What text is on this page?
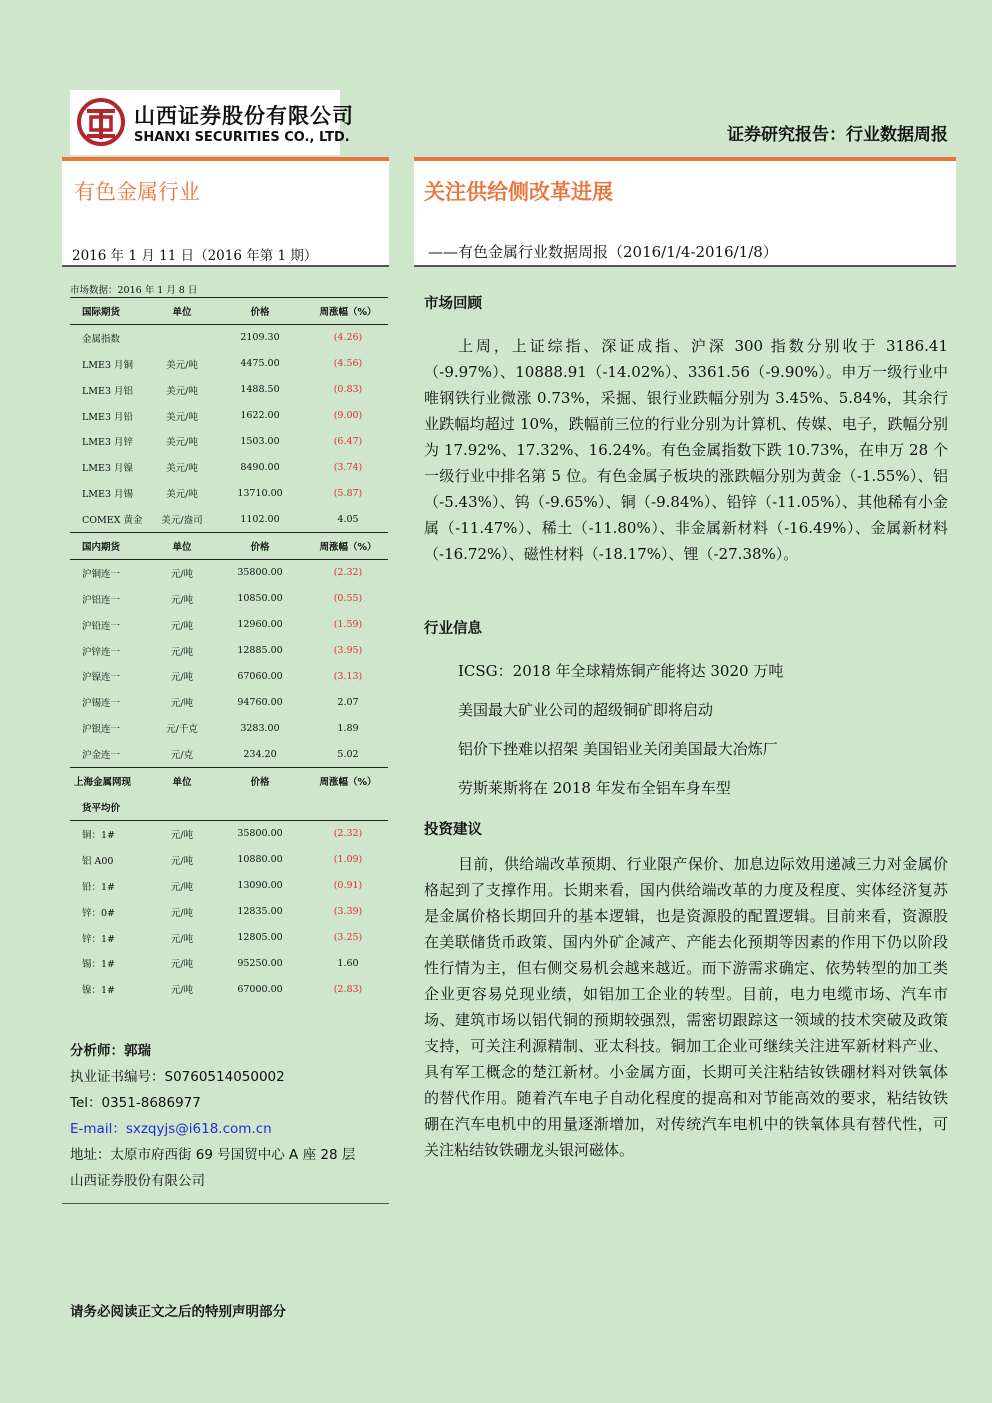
山西证券股份有限公司
SHANXI SECURITIES CO., LTD.	证券研究报告：行业数据周报
有色金属行业
2016 年 1 月 11 日（2016 年第 1 期）
关注供给侧改革进展
——有色金属行业数据周报（2016/1/4-2016/1/8）
市场数据：2016 年 1 月 8 日
国际期货	单位	价格	周涨幅（%）
金属指数		2109.30	(4.26)
LME3 月铜	美元/吨	4475.00	(4.56)
LME3 月铝	美元/吨	1488.50	(0.83)
LME3 月铅	美元/吨	1622.00	(9.00)
LME3 月锌	美元/吨	1503.00	(6.47)
LME3 月镍	美元/吨	8490.00	(3.74)
LME3 月锡	美元/吨	13710.00	(5.87)
COMEX 黄金	美元/盎司	1102.00	4.05
国内期货	单位	价格	周涨幅（%）
沪铜连一	元/吨	35800.00	(2.32)
沪铝连一	元/吨	10850.00	(0.55)
沪铅连一	元/吨	12960.00	(1.59)
沪锌连一	元/吨	12885.00	(3.95)
沪镍连一	元/吨	67060.00	(3.13)
沪锡连一	元/吨	94760.00	2.07
沪银连一	元/千克	3283.00	1.89
沪金连一	元/克	234.20	5.02
上海金属网现	单位	价格	周涨幅（%）
货平均价			
铜：1#	元/吨	35800.00	(2.32)
铝 A00	元/吨	10880.00	(1.09)
铅：1#	元/吨	13090.00	(0.91)
锌：0#	元/吨	12835.00	(3.39)
锌：1#	元/吨	12805.00	(3.25)
锡：1#	元/吨	95250.00	1.60
镍：1#	元/吨	67000.00	(2.83)
分析师：郭瑞
执业证书编号：S0760514050002
Tel：0351-8686977
E-mail：sxzqyjs@i618.com.cn
地址：太原市府西街 69 号国贸中心 A 座 28 层
山西证券股份有限公司
请务必阅读正文之后的特别声明部分
市场回顾
上周，上证综指、深证成指、沪深 300 指数分别收于 3186.41（-9.97%）、10888.91（-14.02%）、3361.56（-9.90%）。申万一级行业中唯钢铁行业微涨 0.73%，采掘、银行业跌幅分别为 3.45%、5.84%，其余行业跌幅均超过 10%，跌幅前三位的行业分别为计算机、传媒、电子，跌幅分别为 17.92%、17.32%、16.24%。有色金属指数下跌 10.73%，在申万 28 个一级行业中排名第 5 位。有色金属子板块的涨跌幅分别为黄金（-1.55%）、铝（-5.43%）、钨（-9.65%）、铜（-9.84%）、铅锌（-11.05%）、其他稀有小金属（-11.47%）、稀土（-11.80%）、非金属新材料（-16.49%）、金属新材料（-16.72%）、磁性材料（-18.17%）、锂（-27.38%）。
行业信息
ICSG：2018 年全球精炼铜产能将达 3020 万吨
美国最大矿业公司的超级铜矿即将启动
铝价下挫难以招架 美国铝业关闭美国最大冶炼厂
劳斯莱斯将在 2018 年发布全铝车身车型
投资建议
目前，供给端改革预期、行业限产保价、加息边际效用递减三力对金属价格起到了支撑作用。长期来看，国内供给端改革的力度及程度、实体经济复苏是金属价格长期回升的基本逻辑，也是资源股的配置逻辑。目前来看，资源股在美联储货币政策、国内外矿企减产、产能去化预期等因素的作用下仍以阶段性行情为主，但右侧交易机会越来越近。而下游需求确定、依势转型的加工类企业更容易兑现业绩，如铝加工企业的转型。目前，电力电缆市场、汽车市场、建筑市场以铝代铜的预期较强烈，需密切跟踪这一领域的技术突破及政策支持，可关注利源精制、亚太科技。铜加工企业可继续关注进军新材料产业、具有军工概念的楚江新材。小金属方面，长期可关注粘结钕铁硼材料对铁氧体的替代作用。随着汽车电子自动化程度的提高和对节能高效的要求，粘结钕铁硼在汽车电机中的用量逐渐增加，对传统汽车电机中的铁氧体具有替代性，可关注粘结钕铁硼龙头银河磁体。
